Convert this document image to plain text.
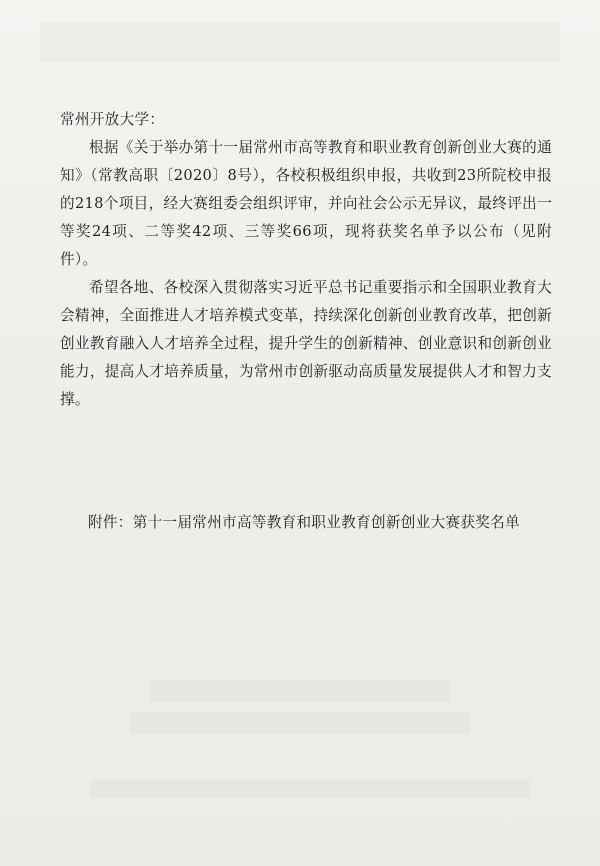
常州开放大学：

根据《关于举办第十一届常州市高等教育和职业教育创新创业大赛的通知》（常教高职〔2020〕8号），各校积极组织申报，共收到23所院校申报的218个项目，经大赛组委会组织评审，并向社会公示无异议，最终评出一等奖24项、二等奖42项、三等奖66项，现将获奖名单予以公布（见附件）。

希望各地、各校深入贯彻落实习近平总书记重要指示和全国职业教育大会精神，全面推进人才培养模式变革，持续深化创新创业教育改革，把创新创业教育融入人才培养全过程，提升学生的创新精神、创业意识和创新创业能力，提高人才培养质量，为常州市创新驱动高质量发展提供人才和智力支撑。

附件： 第十一届常州市高等教育和职业教育创新创业大赛获奖名单
